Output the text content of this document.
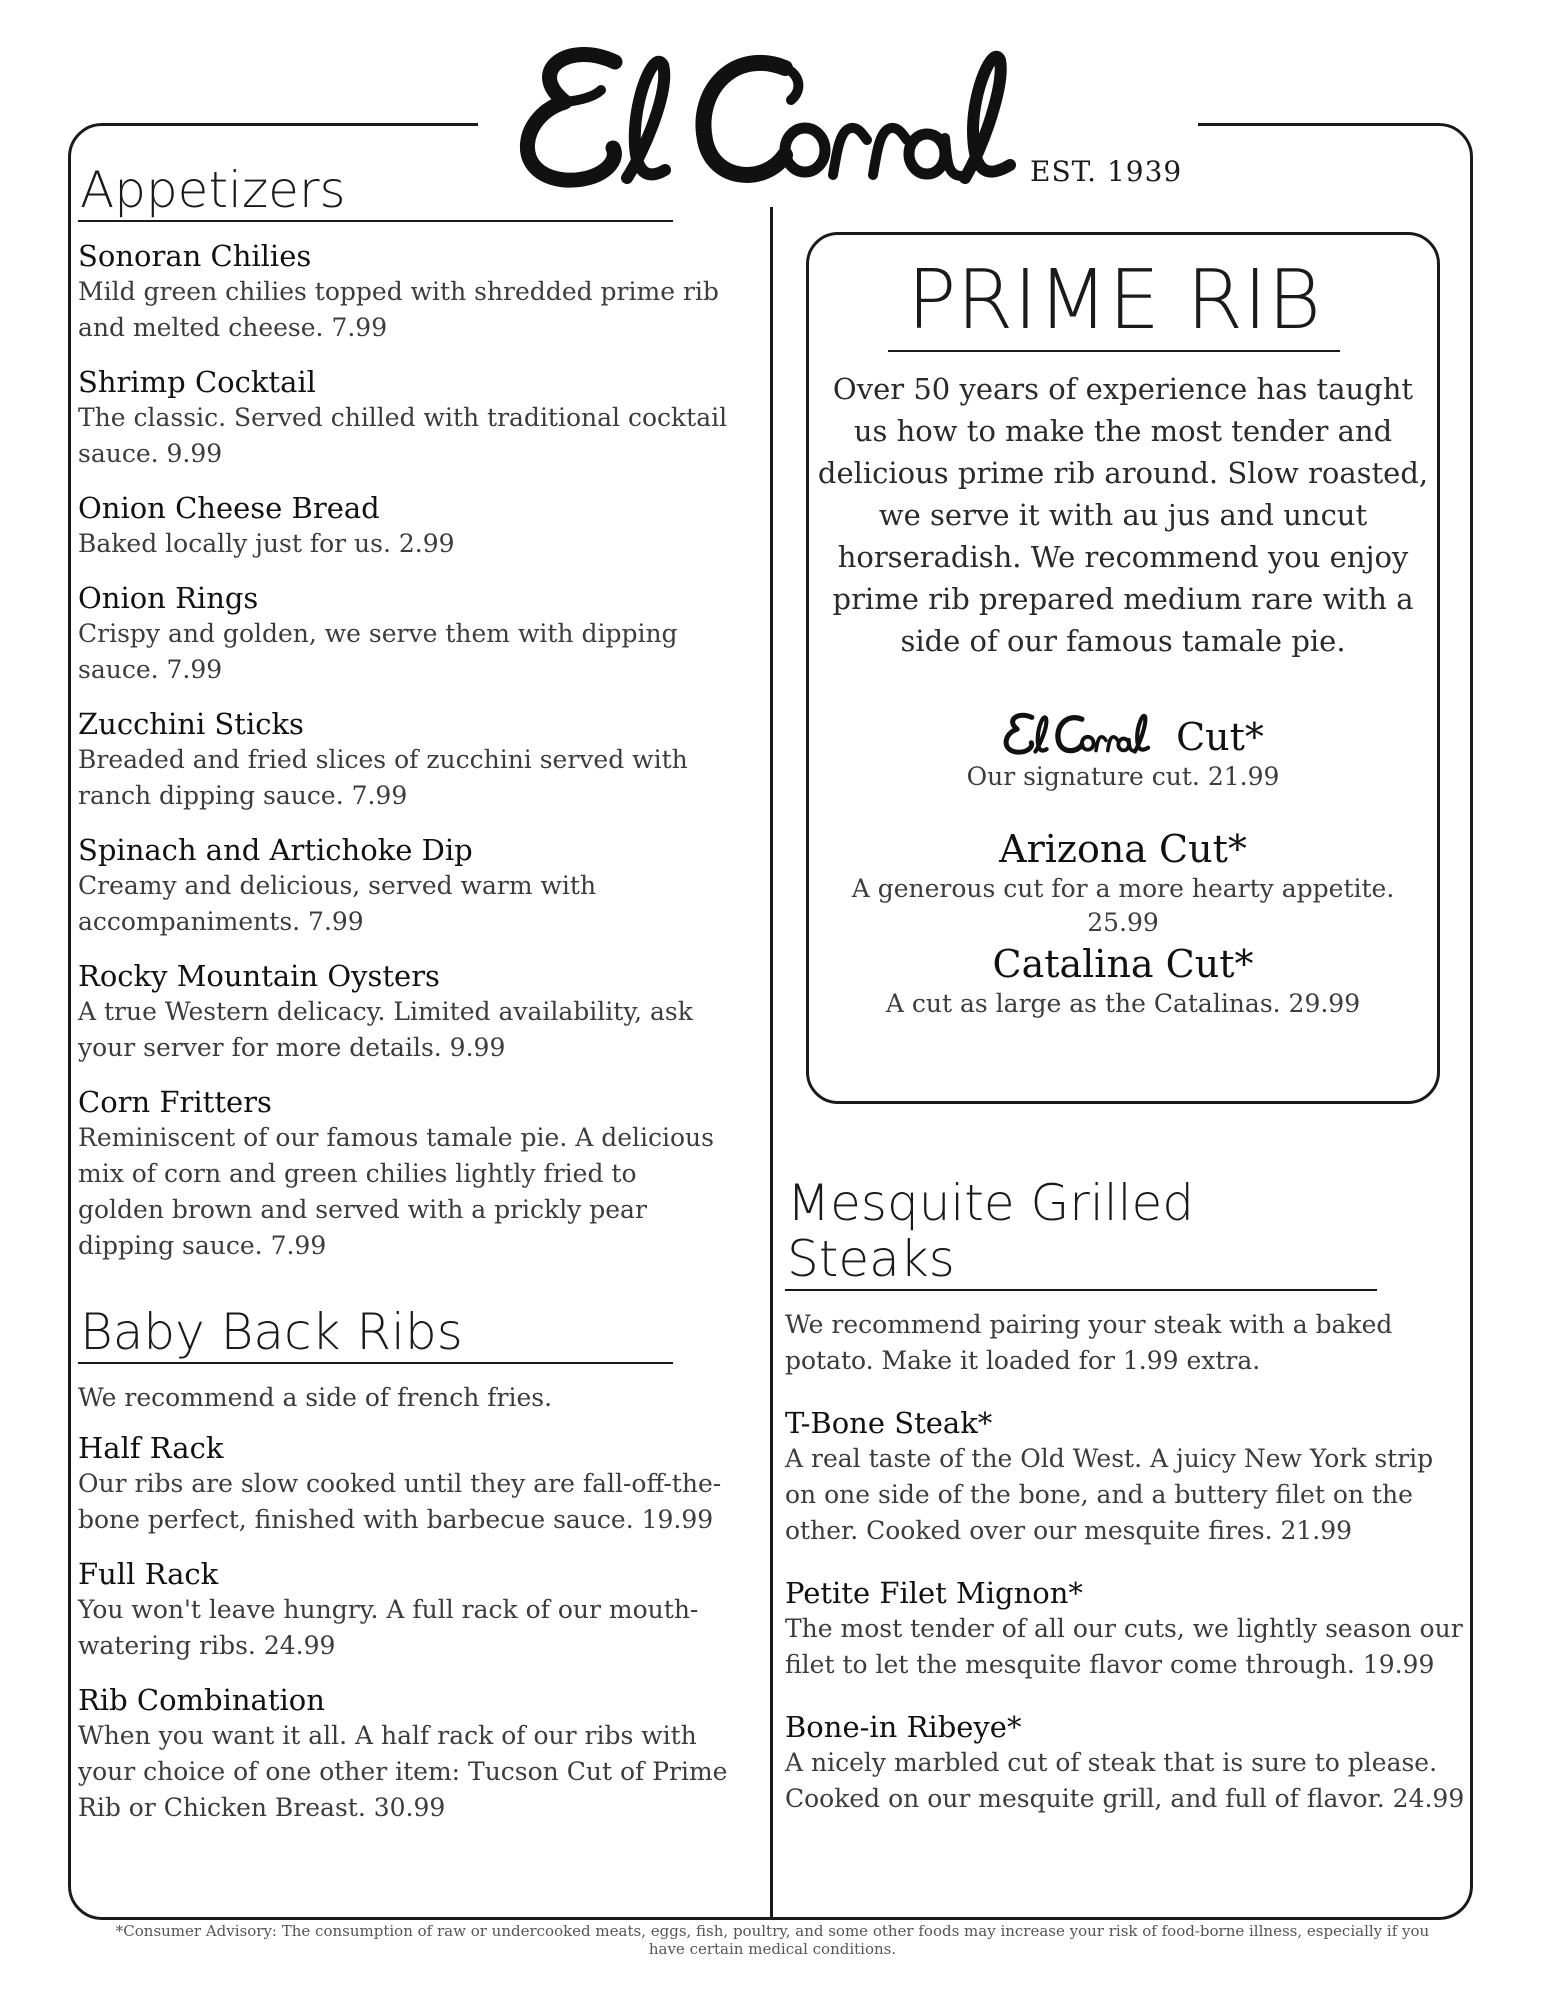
EST. 1939
Appetizers
Sonoran Chilies
Mild green chilies topped with shredded prime rib and melted cheese. 7.99
Shrimp Cocktail
The classic. Served chilled with traditional cocktail sauce. 9.99
Onion Cheese Bread
Baked locally just for us. 2.99
Onion Rings
Crispy and golden, we serve them with dipping sauce. 7.99
Zucchini Sticks
Breaded and fried slices of zucchini served with ranch dipping sauce. 7.99
Spinach and Artichoke Dip
Creamy and delicious, served warm with accompaniments. 7.99
Rocky Mountain Oysters
A true Western delicacy. Limited availability, ask your server for more details. 9.99
Corn Fritters
Reminiscent of our famous tamale pie. A delicious mix of corn and green chilies lightly fried to golden brown and served with a prickly pear dipping sauce. 7.99
Baby Back Ribs
We recommend a side of french fries.
Half Rack
Our ribs are slow cooked until they are fall-off-the-bone perfect, finished with barbecue sauce. 19.99
Full Rack
You won't leave hungry. A full rack of our mouth-watering ribs. 24.99
Rib Combination
When you want it all. A half rack of our ribs with your choice of one other item: Tucson Cut of Prime Rib or Chicken Breast. 30.99
PRIME RIB
Over 50 years of experience has taught us how to make the most tender and delicious prime rib around. Slow roasted, we serve it with au jus and uncut horseradish. We recommend you enjoy prime rib prepared medium rare with a side of our famous tamale pie.
Cut*
Our signature cut. 21.99
Arizona Cut*
A generous cut for a more hearty appetite. 25.99
Catalina Cut*
A cut as large as the Catalinas. 29.99
Mesquite Grilled Steaks
We recommend pairing your steak with a baked potato. Make it loaded for 1.99 extra.
T-Bone Steak*
A real taste of the Old West. A juicy New York strip on one side of the bone, and a buttery filet on the other. Cooked over our mesquite fires. 21.99
Petite Filet Mignon*
The most tender of all our cuts, we lightly season our filet to let the mesquite flavor come through. 19.99
Bone-in Ribeye*
A nicely marbled cut of steak that is sure to please. Cooked on our mesquite grill, and full of flavor. 24.99
*Consumer Advisory: The consumption of raw or undercooked meats, eggs, fish, poultry, and some other foods may increase your risk of food-borne illness, especially if you have certain medical conditions.
